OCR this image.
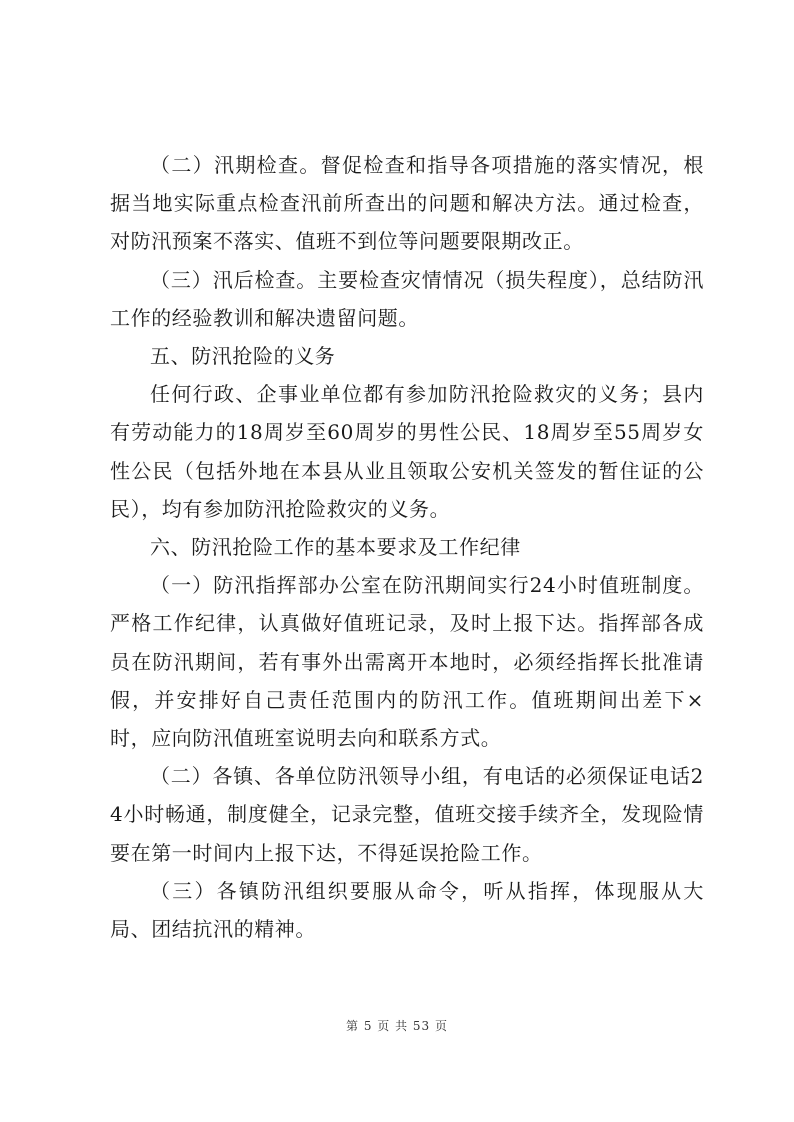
（二）汛期检查。督促检查和指导各项措施的落实情况，根据当地实际重点检查汛前所查出的问题和解决方法。通过检查，对防汛预案不落实、值班不到位等问题要限期改正。

（三）汛后检查。主要检查灾情情况（损失程度），总结防汛工作的经验教训和解决遗留问题。

五、防汛抢险的义务

任何行政、企事业单位都有参加防汛抢险救灾的义务；县内有劳动能力的18周岁至60周岁的男性公民、18周岁至55周岁女性公民（包括外地在本县从业且领取公安机关签发的暂住证的公民），均有参加防汛抢险救灾的义务。

六、防汛抢险工作的基本要求及工作纪律

（一）防汛指挥部办公室在防汛期间实行24小时值班制度。严格工作纪律，认真做好值班记录，及时上报下达。指挥部各成员在防汛期间，若有事外出需离开本地时，必须经指挥长批准请假，并安排好自己责任范围内的防汛工作。值班期间出差下×时，应向防汛值班室说明去向和联系方式。

（二）各镇、各单位防汛领导小组，有电话的必须保证电话24小时畅通，制度健全，记录完整，值班交接手续齐全，发现险情要在第一时间内上报下达，不得延误抢险工作。

（三）各镇防汛组织要服从命令，听从指挥，体现服从大局、团结抗汛的精神。

第 5 页 共 53 页
